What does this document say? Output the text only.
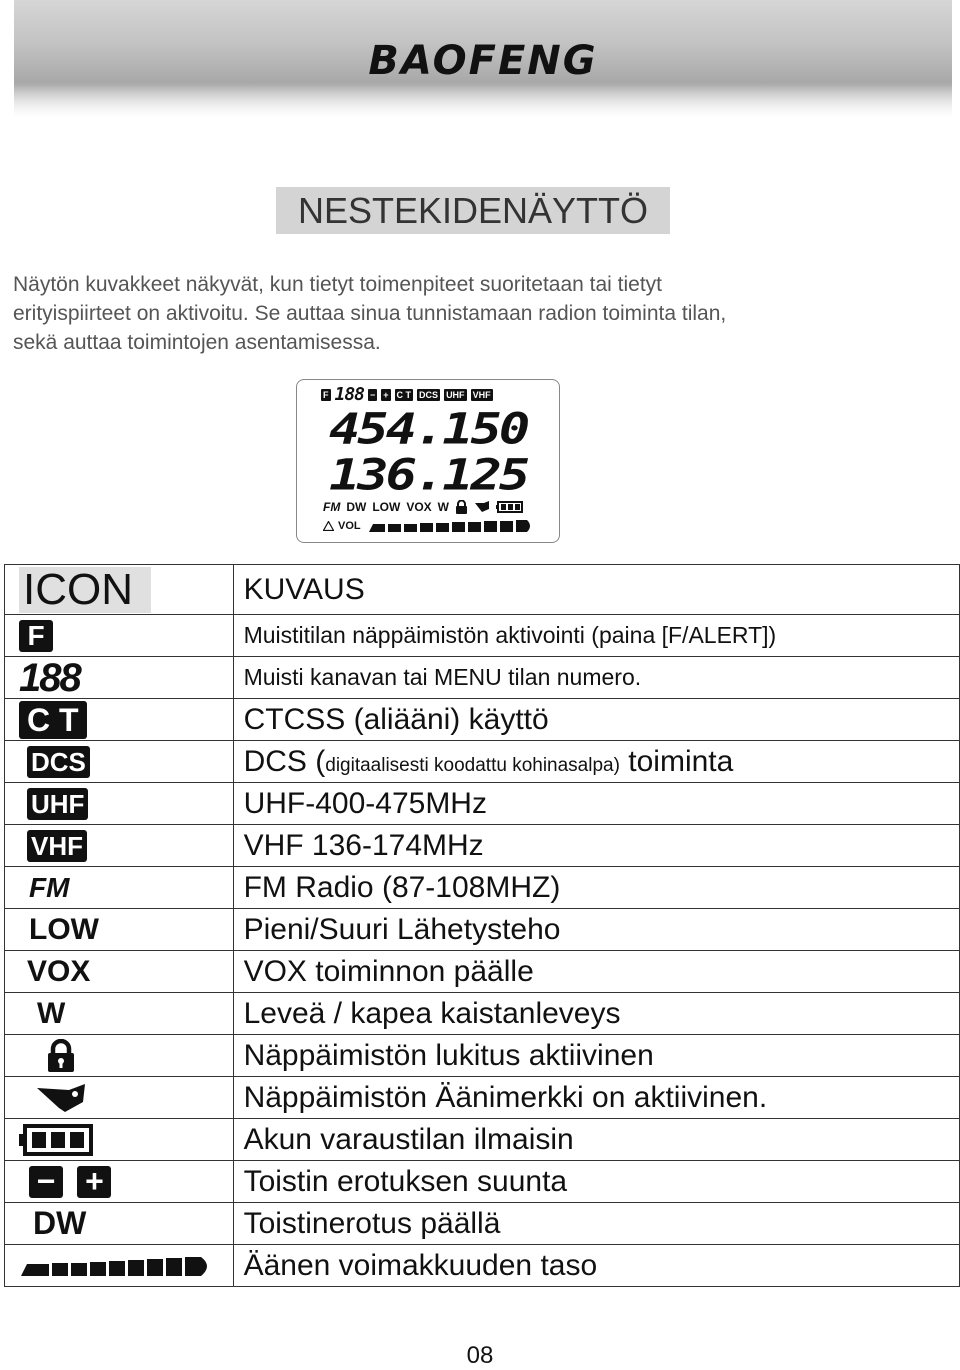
BAOFENG
NESTEKIDENÄYTTÖ

Näytön kuvakkeet näkyvät, kun tietyt toimenpiteet suoritetaan tai tietyt
erityispiirteet on aktivoitu. Se auttaa sinua tunnistamaan radion toiminta tilan,
sekä auttaa toimintojen asentamisessa.

F 188 − + C T DCS UHF VHF
454.150
136.125
FM DW LOW VOX W
VOL
ICON	KUVAUS
F	Muistitilan näppäimistön aktivointi (paina [F/ALERT])
188	Muisti kanavan tai MENU tilan numero.
C T	CTCSS (aliääni) käyttö
DCS	DCS (digitaalisesti koodattu kohinasalpa) toiminta
UHF	UHF-400-475MHz
VHF	VHF 136-174MHz
FM	FM Radio (87-108MHZ)
LOW	Pieni/Suuri Lähetysteho
VOX	VOX toiminnon päälle
W	Leveä / kapea kaistanleveys

	Näppäimistön lukitus aktiivinen

	Näppäimistön Äänimerkki on aktiivinen.

	Akun varaustilan ilmaisin
− +	Toistin erotuksen suunta
DW	Toistinerotus päällä

	Äänen voimakkuuden taso
08
